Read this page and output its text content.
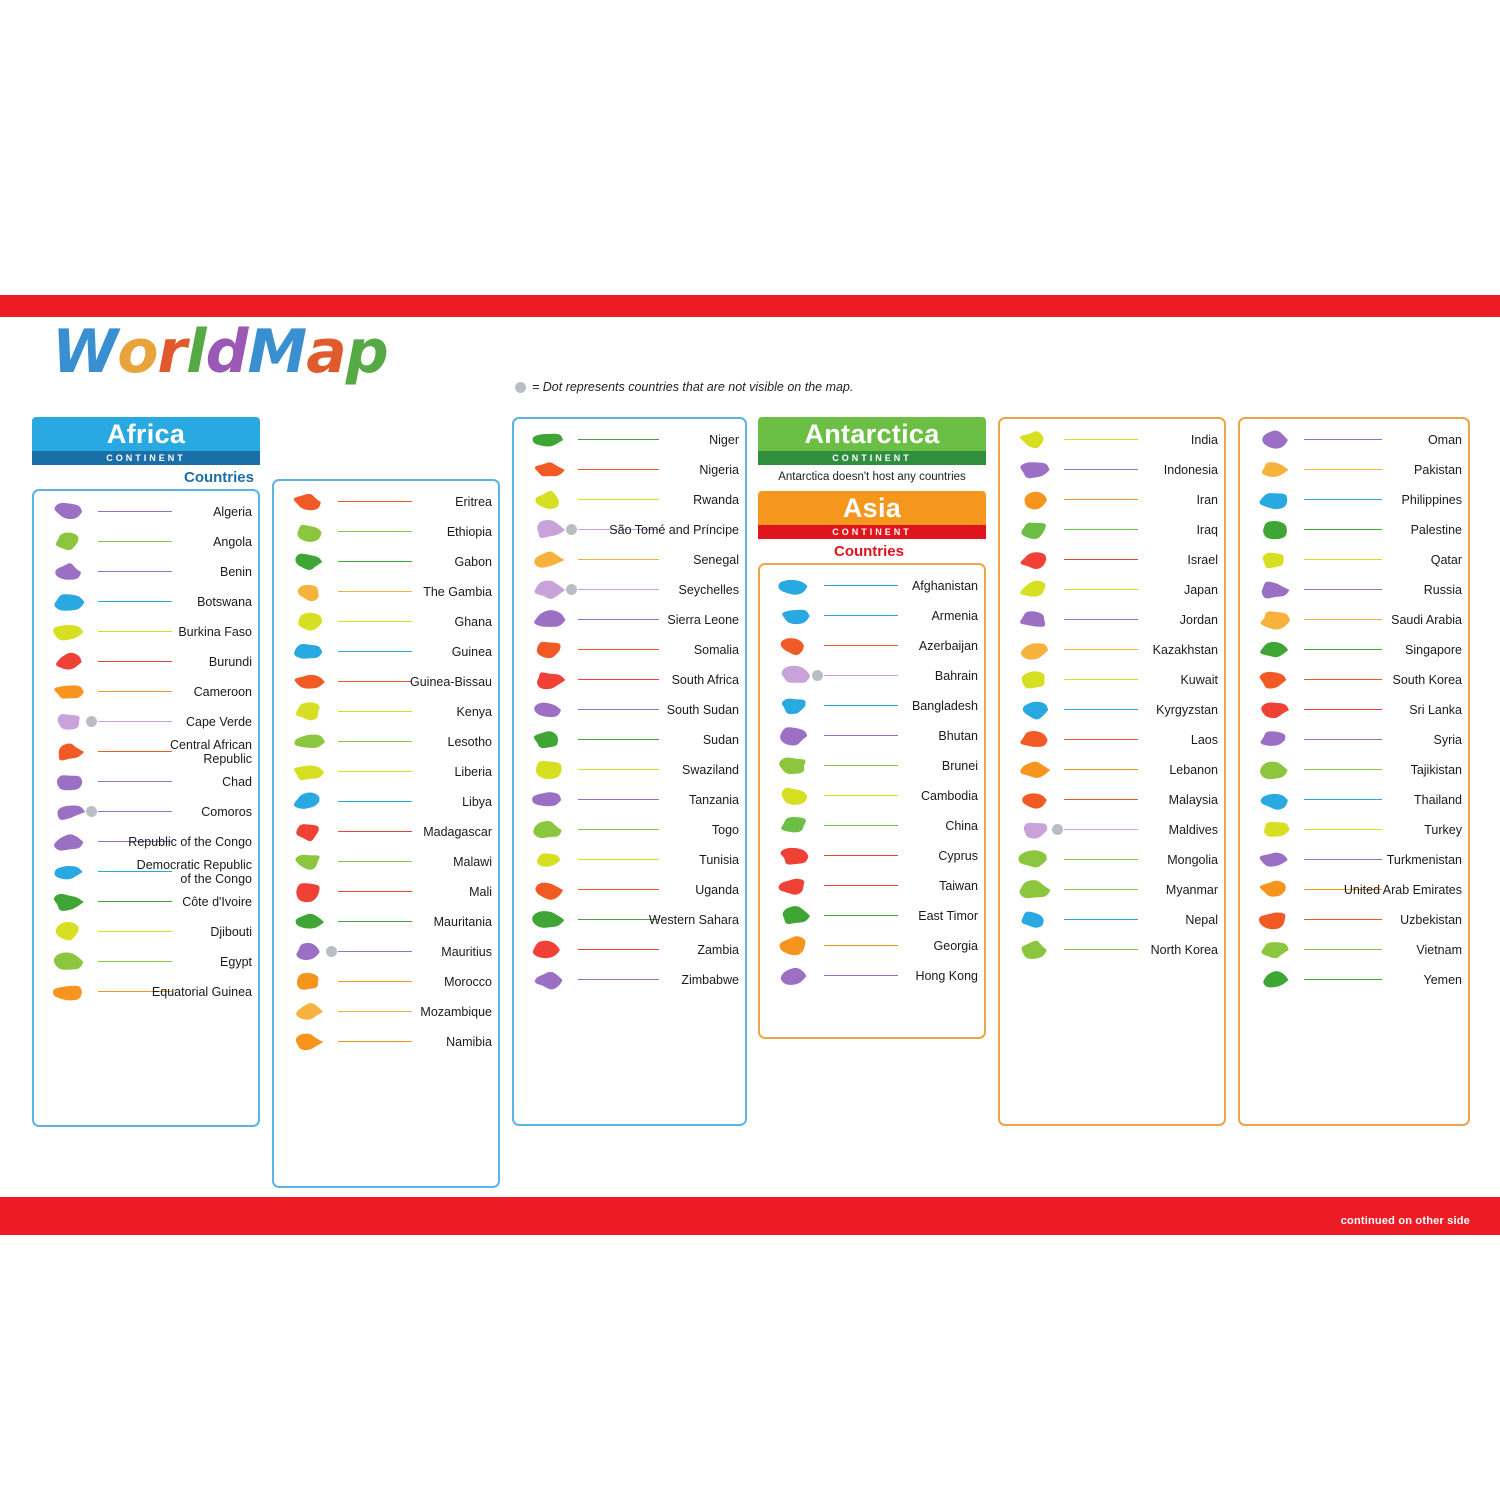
continued on other side
WorldMap	= Dot represents countries that are not visible on the map.
Africa
CONTINENT
Countries
Algeria
Angola
Benin
Botswana
Burkina Faso
Burundi
Cameroon
Cape Verde
Central African Republic
Chad
Comoros
Republic of the Congo
Democratic Republic of the Congo
Côte d'Ivoire
Djibouti
Egypt
Equatorial Guinea
Eritrea
Ethiopia
Gabon
The Gambia
Ghana
Guinea
Guinea-Bissau
Kenya
Lesotho
Liberia
Libya
Madagascar
Malawi
Mali
Mauritania
Mauritius
Morocco
Mozambique
Namibia
Niger
Nigeria
Rwanda
São Tomé and Príncipe
Senegal
Seychelles
Sierra Leone
Somalia
South Africa
South Sudan
Sudan
Swaziland
Tanzania
Togo
Tunisia
Uganda
Western Sahara
Zambia
Zimbabwe
Antarctica
CONTINENT
Antarctica doesn't host any countries
Asia
CONTINENT
Countries
Afghanistan
Armenia
Azerbaijan
Bahrain
Bangladesh
Bhutan
Brunei
Cambodia
China
Cyprus
Taiwan
East Timor
Georgia
Hong Kong
India
Indonesia
Iran
Iraq
Israel
Japan
Jordan
Kazakhstan
Kuwait
Kyrgyzstan
Laos
Lebanon
Malaysia
Maldives
Mongolia
Myanmar
Nepal
North Korea
Oman
Pakistan
Philippines
Palestine
Qatar
Russia
Saudi Arabia
Singapore
South Korea
Sri Lanka
Syria
Tajikistan
Thailand
Turkey
Turkmenistan
United Arab Emirates
Uzbekistan
Vietnam
Yemen
